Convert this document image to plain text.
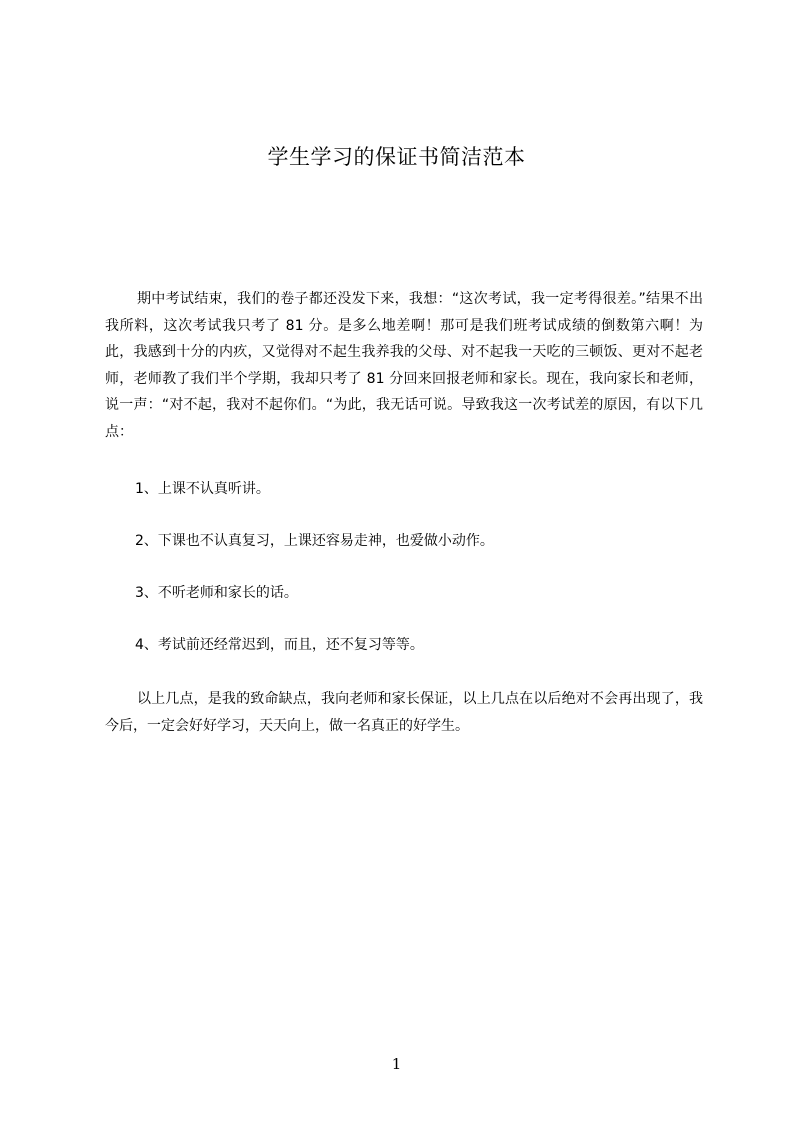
学生学习的保证书简洁范本
期中考试结束，我们的卷子都还没发下来，我想：“这次考试，我一定考得很差。”结果不出我所料，这次考试我只考了 81 分。是多么地差啊！那可是我们班考试成绩的倒数第六啊！为此，我感到十分的内疚，又觉得对不起生我养我的父母、对不起我一天吃的三顿饭、更对不起老师，老师教了我们半个学期，我却只考了 81 分回来回报老师和家长。现在，我向家长和老师，说一声：“对不起，我对不起你们。“为此，我无话可说。导致我这一次考试差的原因，有以下几点：
1、上课不认真听讲。
2、下课也不认真复习，上课还容易走神，也爱做小动作。
3、不听老师和家长的话。
4、考试前还经常迟到，而且，还不复习等等。
以上几点，是我的致命缺点，我向老师和家长保证，以上几点在以后绝对不会再出现了，我今后，一定会好好学习，天天向上，做一名真正的好学生。
1
